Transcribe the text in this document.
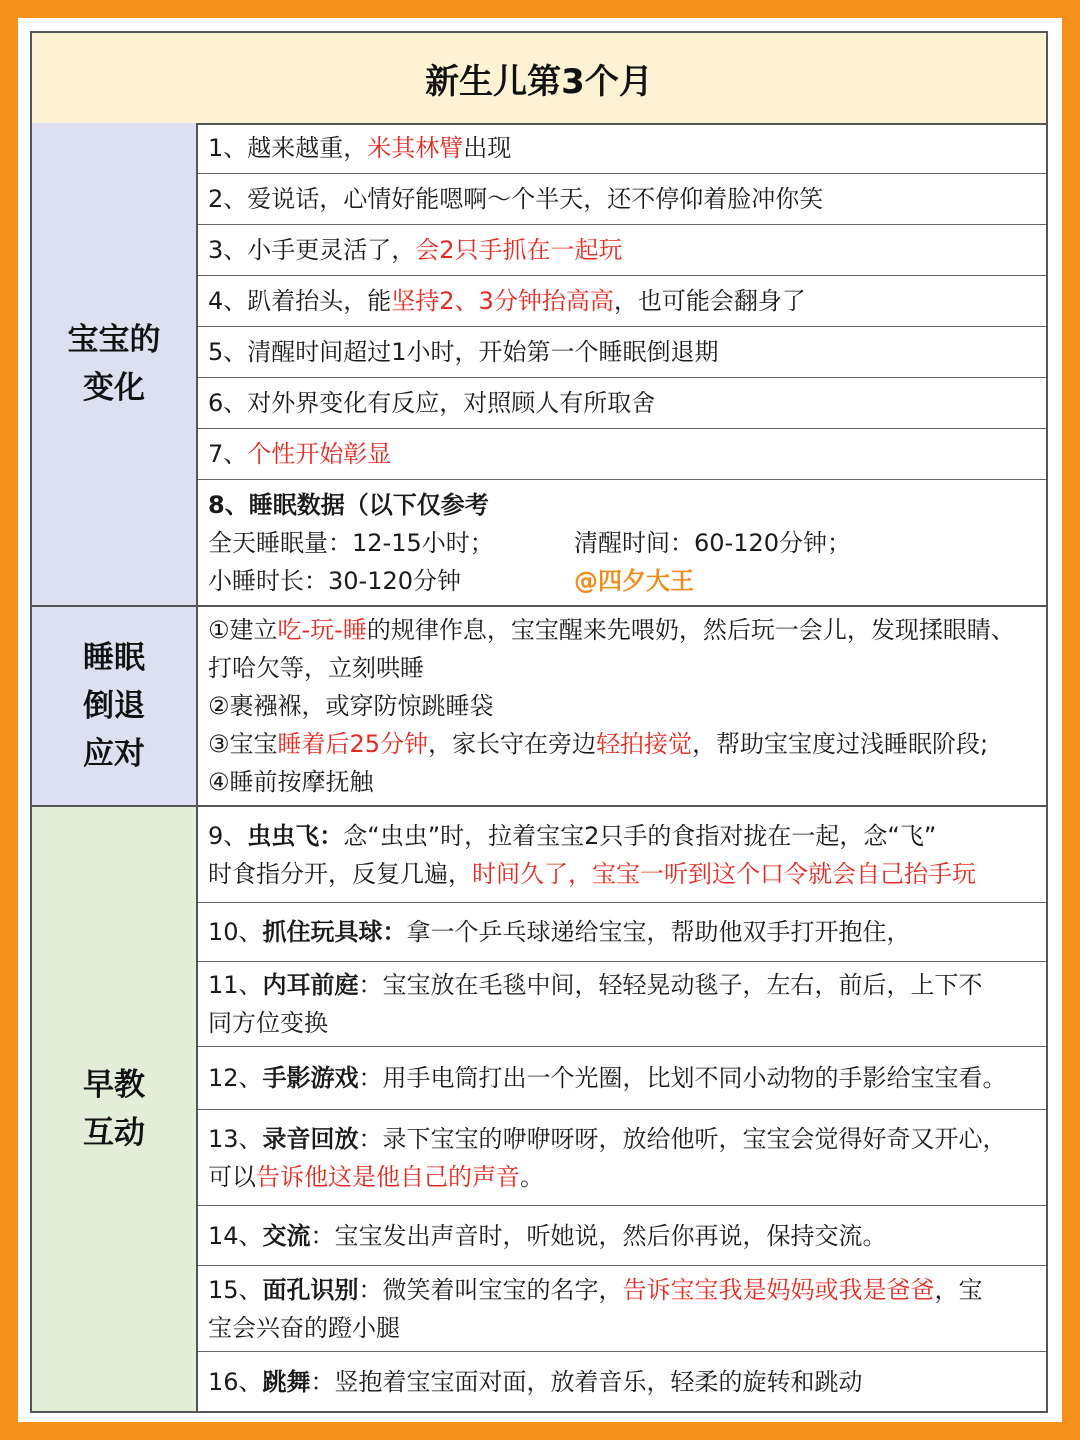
新生儿第3个月
宝宝的
变化
1、越来越重，米其林臂出现
2、爱说话，心情好能嗯啊～个半天，还不停仰着脸冲你笑
3、小手更灵活了，会2只手抓在一起玩
4、趴着抬头，能坚持2、3分钟抬高高，也可能会翻身了
5、清醒时间超过1小时，开始第一个睡眠倒退期
6、对外界变化有反应，对照顾人有所取舍
7、个性开始彰显
8、睡眠数据（以下仅参考
全天睡眠量：12-15小时；	清醒时间：60-120分钟；
小睡时长：30-120分钟	@四夕大王
睡眠
倒退
应对
①建立吃-玩-睡的规律作息，宝宝醒来先喂奶，然后玩一会儿，发现揉眼睛、
打哈欠等，立刻哄睡
②裹襁褓，或穿防惊跳睡袋
③宝宝睡着后25分钟，家长守在旁边轻拍接觉，帮助宝宝度过浅睡眠阶段;
④睡前按摩抚触
早教
互动
9、虫虫飞：念“虫虫”时，拉着宝宝2只手的食指对拢在一起，念“飞”
时食指分开，反复几遍，时间久了，宝宝一听到这个口令就会自己抬手玩
10、抓住玩具球：拿一个乒乓球递给宝宝，帮助他双手打开抱住，
11、内耳前庭：宝宝放在毛毯中间，轻轻晃动毯子，左右，前后，上下不
同方位变换
12、手影游戏：用手电筒打出一个光圈，比划不同小动物的手影给宝宝看。
13、录音回放：录下宝宝的咿咿呀呀，放给他听，宝宝会觉得好奇又开心，
可以告诉他这是他自己的声音。
14、交流：宝宝发出声音时，听她说，然后你再说，保持交流。
15、面孔识别：微笑着叫宝宝的名字，告诉宝宝我是妈妈或我是爸爸，宝
宝会兴奋的蹬小腿
16、跳舞：竖抱着宝宝面对面，放着音乐，轻柔的旋转和跳动
